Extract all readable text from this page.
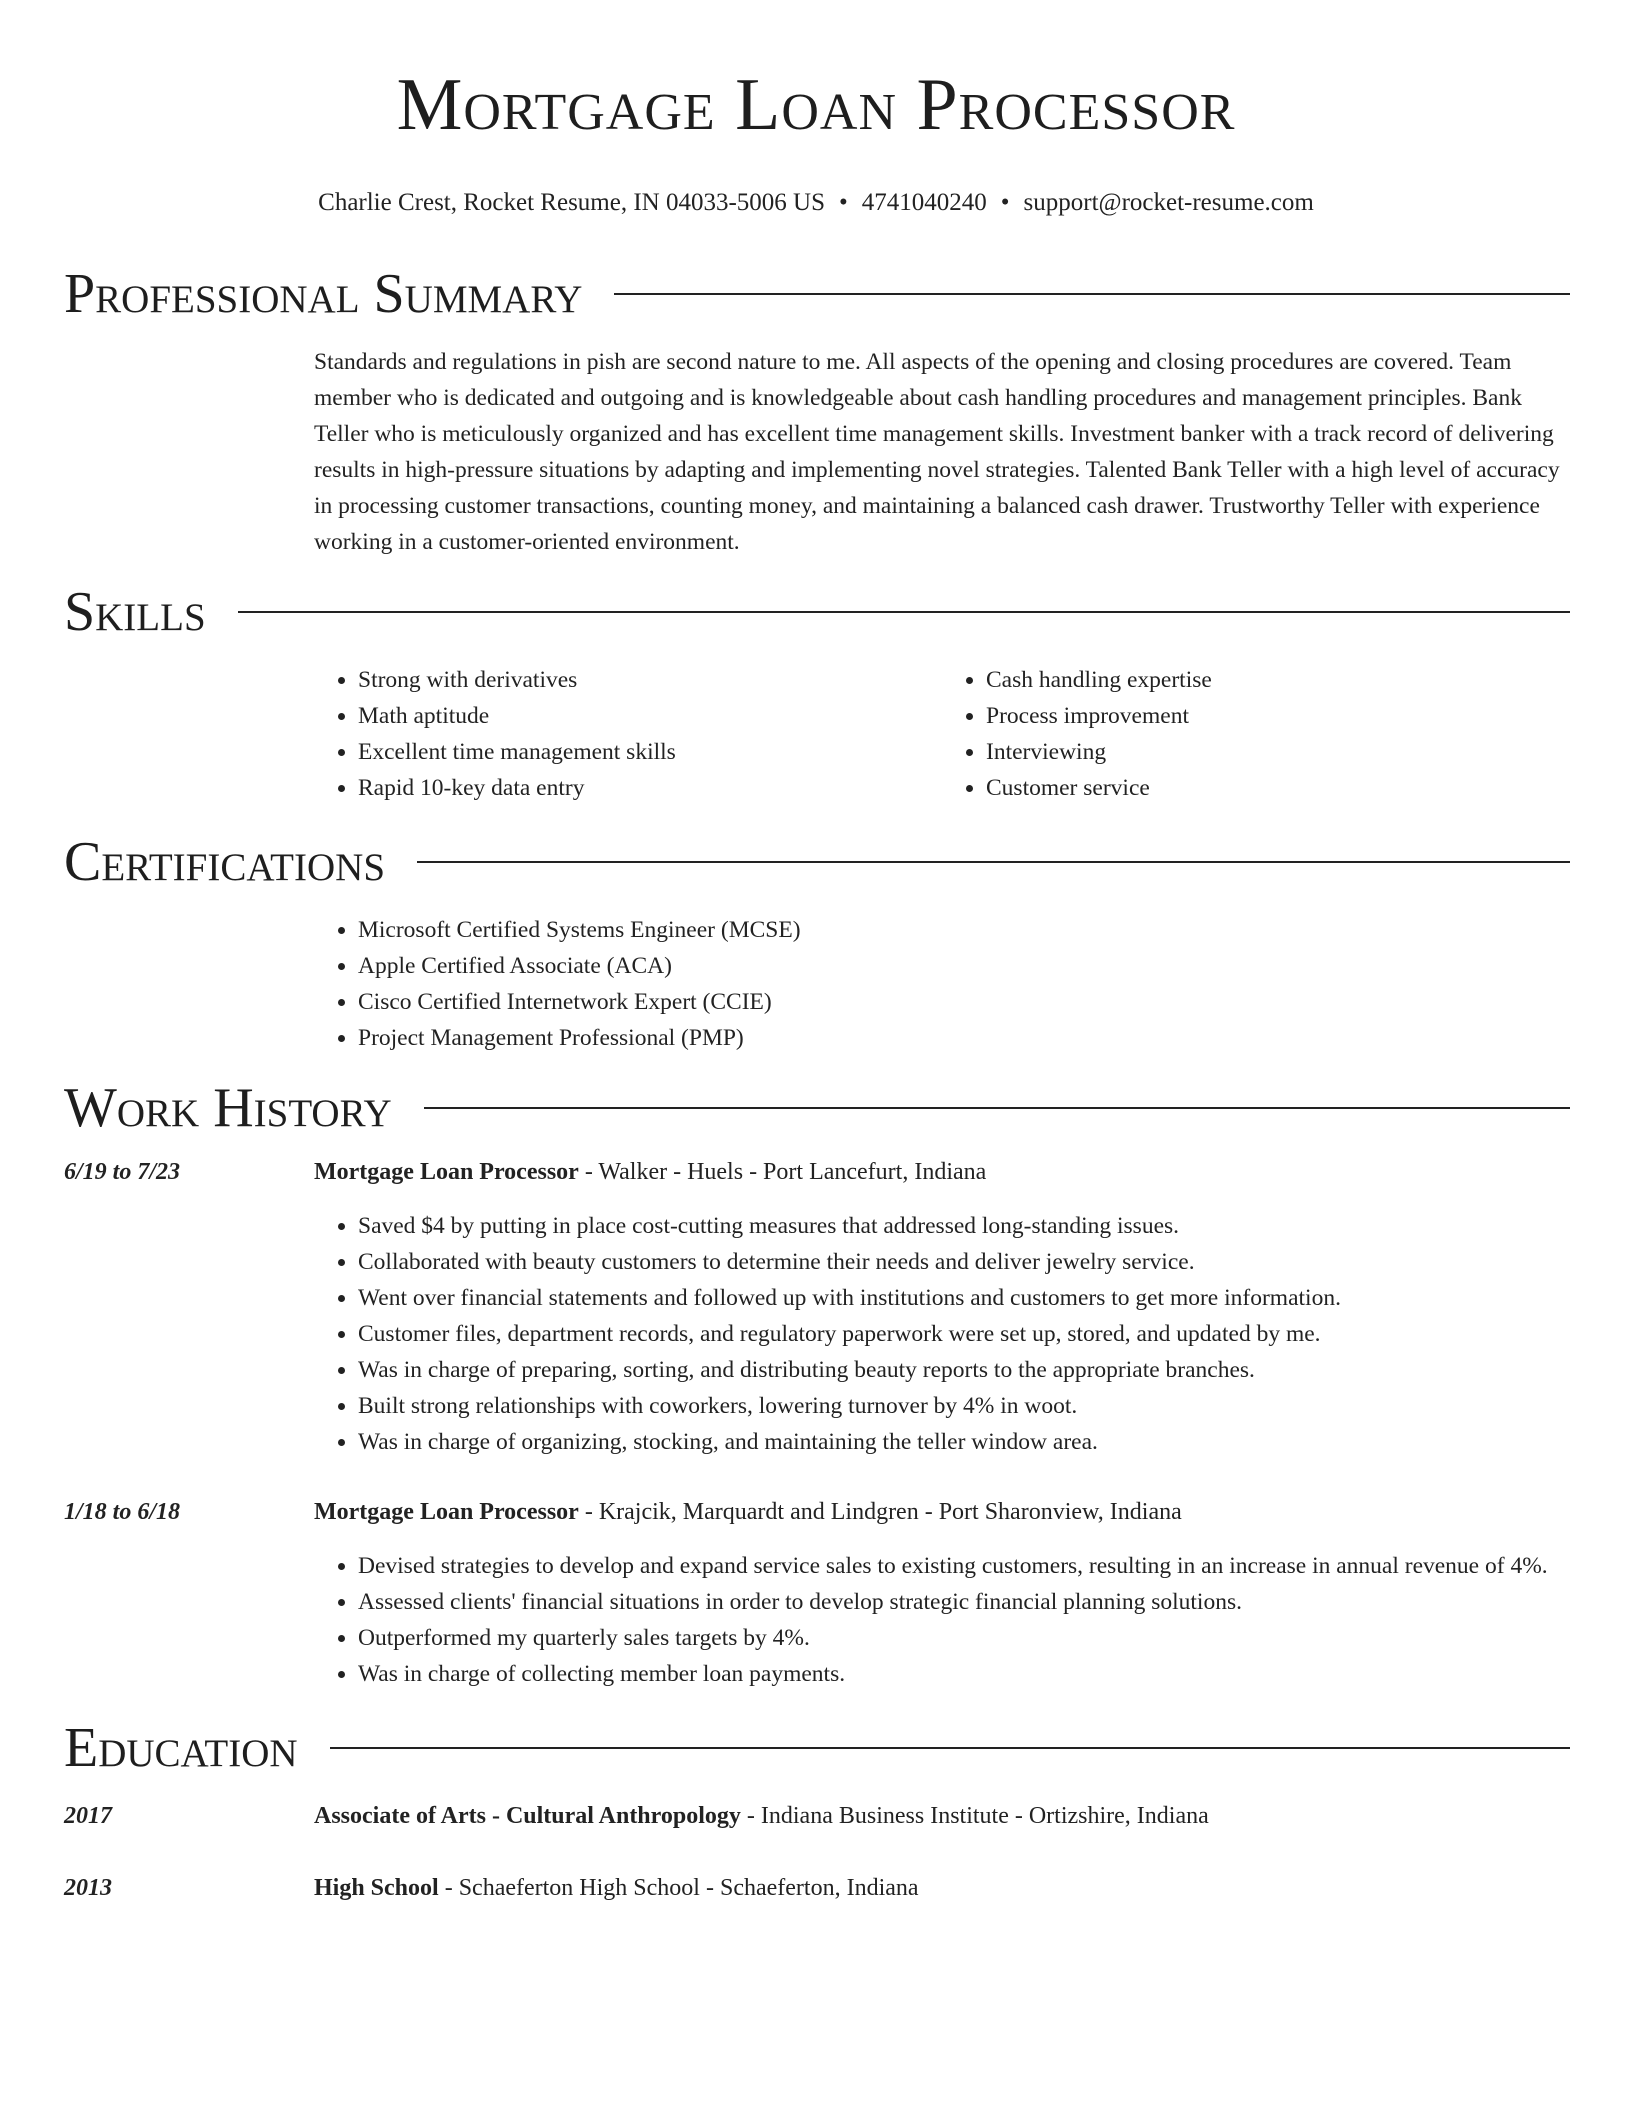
Mortgage Loan Processor
Charlie Crest, Rocket Resume, IN 04033-5006 US • 4741040240 • support@rocket-resume.com
Professional Summary
Standards and regulations in pish are second nature to me. All aspects of the opening and closing procedures are covered. Team member who is dedicated and outgoing and is knowledgeable about cash handling procedures and management principles. Bank Teller who is meticulously organized and has excellent time management skills. Investment banker with a track record of delivering results in high-pressure situations by adapting and implementing novel strategies. Talented Bank Teller with a high level of accuracy in processing customer transactions, counting money, and maintaining a balanced cash drawer. Trustworthy Teller with experience working in a customer-oriented environment.
Skills
• Strong with derivatives
• Math aptitude
• Excellent time management skills
• Rapid 10-key data entry
• Cash handling expertise
• Process improvement
• Interviewing
• Customer service
Certifications
• Microsoft Certified Systems Engineer (MCSE)
• Apple Certified Associate (ACA)
• Cisco Certified Internetwork Expert (CCIE)
• Project Management Professional (PMP)
Work History
6/19 to 7/23	Mortgage Loan Processor - Walker - Huels - Port Lancefurt, Indiana
• Saved $4 by putting in place cost-cutting measures that addressed long-standing issues.
• Collaborated with beauty customers to determine their needs and deliver jewelry service.
• Went over financial statements and followed up with institutions and customers to get more information.
• Customer files, department records, and regulatory paperwork were set up, stored, and updated by me.
• Was in charge of preparing, sorting, and distributing beauty reports to the appropriate branches.
• Built strong relationships with coworkers, lowering turnover by 4% in woot.
• Was in charge of organizing, stocking, and maintaining the teller window area.
1/18 to 6/18	Mortgage Loan Processor - Krajcik, Marquardt and Lindgren - Port Sharonview, Indiana
• Devised strategies to develop and expand service sales to existing customers, resulting in an increase in annual revenue of 4%.
• Assessed clients' financial situations in order to develop strategic financial planning solutions.
• Outperformed my quarterly sales targets by 4%.
• Was in charge of collecting member loan payments.
Education
2017	Associate of Arts - Cultural Anthropology - Indiana Business Institute - Ortizshire, Indiana
2013	High School - Schaeferton High School - Schaeferton, Indiana
